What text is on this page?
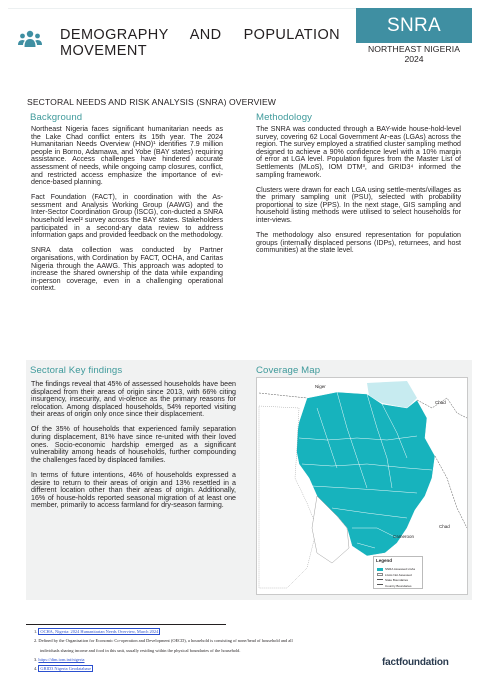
DEMOGRAPHY AND POPULATION MOVEMENT
SNRA
NORTHEAST NIGERIA
2024
SECTORAL NEEDS AND RISK ANALYSIS (SNRA) OVERVIEW
Background

Northeast Nigeria faces significant humanitarian needs as the Lake Chad conflict enters its 15th year. The 2024 Humanitarian Needs Overview (HNO)¹ identifies 7.9 million people in Borno, Adamawa, and Yobe (BAY states) requiring assistance. Access challenges have hindered accurate assessment of needs, while ongoing camp closures, conflict, and restricted access emphasize the importance of evi-dence-based planning.

Fact Foundation (FACT), in coordination with the As-sessment and Analysis Working Group (AAWG) and the Inter-Sector Coordination Group (ISCG), con-ducted a SNRA household level² survey across the BAY states. Stakeholders participated in a second-ary data review to address information gaps and provided feedback on the methodology.

SNRA data collection was conducted by Partner organisations, with Cordination by FACT, OCHA, and Caritas Nigeria through the AAWG. This approach was adopted to increase the shared ownership of the data while expanding in-person coverage, even in a challenging operational context.

Methodology

The SNRA was conducted through a BAY-wide house-hold-level survey, covering 62 Local Government Ar-eas (LGAs) across the region. The survey employed a stratified cluster sampling method designed to achieve a 90% confidence level with a 10% margin of error at LGA level. Population figures from the Master List of Settlements (MLoS), IOM DTM³, and GRID3⁴ informed the sampling framework.

Clusters were drawn for each LGA using settle-ments/villages as the primary sampling unit (PSU), selected with probability proportional to size (PPS). In the next stage, GIS sampling and household listing methods were utilised to select households for inter-views.

The methodology also ensured representation for population groups (internally displaced persons (IDPs), returnees, and host communities) at the state level.

Sectoral Key findings

The findings reveal that 45% of assessed households have been displaced from their areas of origin since 2013, with 66% citing insurgency, insecurity, and vi-olence as the primary reasons for relocation. Among displaced households, 54% reported visiting their areas of origin only once since their displacement.

Of the 35% of households that experienced family separation during displacement, 81% have since re-united with their loved ones. Socio-economic hardship emerged as a significant vulnerability among heads of households, further compounding the challenges faced by displaced families.

In terms of future intentions, 46% of households expressed a desire to return to their areas of origin and 13% resettled in a different location other than their areas of origin. Additionally, 16% of house-holds reported seasonal migration of at least one member, primarily to access farmland for dry-season farming.

Coverage Map
Niger
Chad
Chad
Cameroon
Legend
SNRA Assessed LGAs
LGAs Not Assessed
State Boundaries
Country Boundaries
1. OCHA, Nigeria: 2024 Humanitarian Needs Overview, March 2024
2. Defined by the Organisation for Economic Co-operation and Development (OECD), a household is consisting of none/head of household and all
individuals sharing income and food in this unit, usually residing within the physical boundaries of the household.
3. https://dtm.iom.int/nigeria
4. GRID3 Nigeria Geodatabase
factfoundation
